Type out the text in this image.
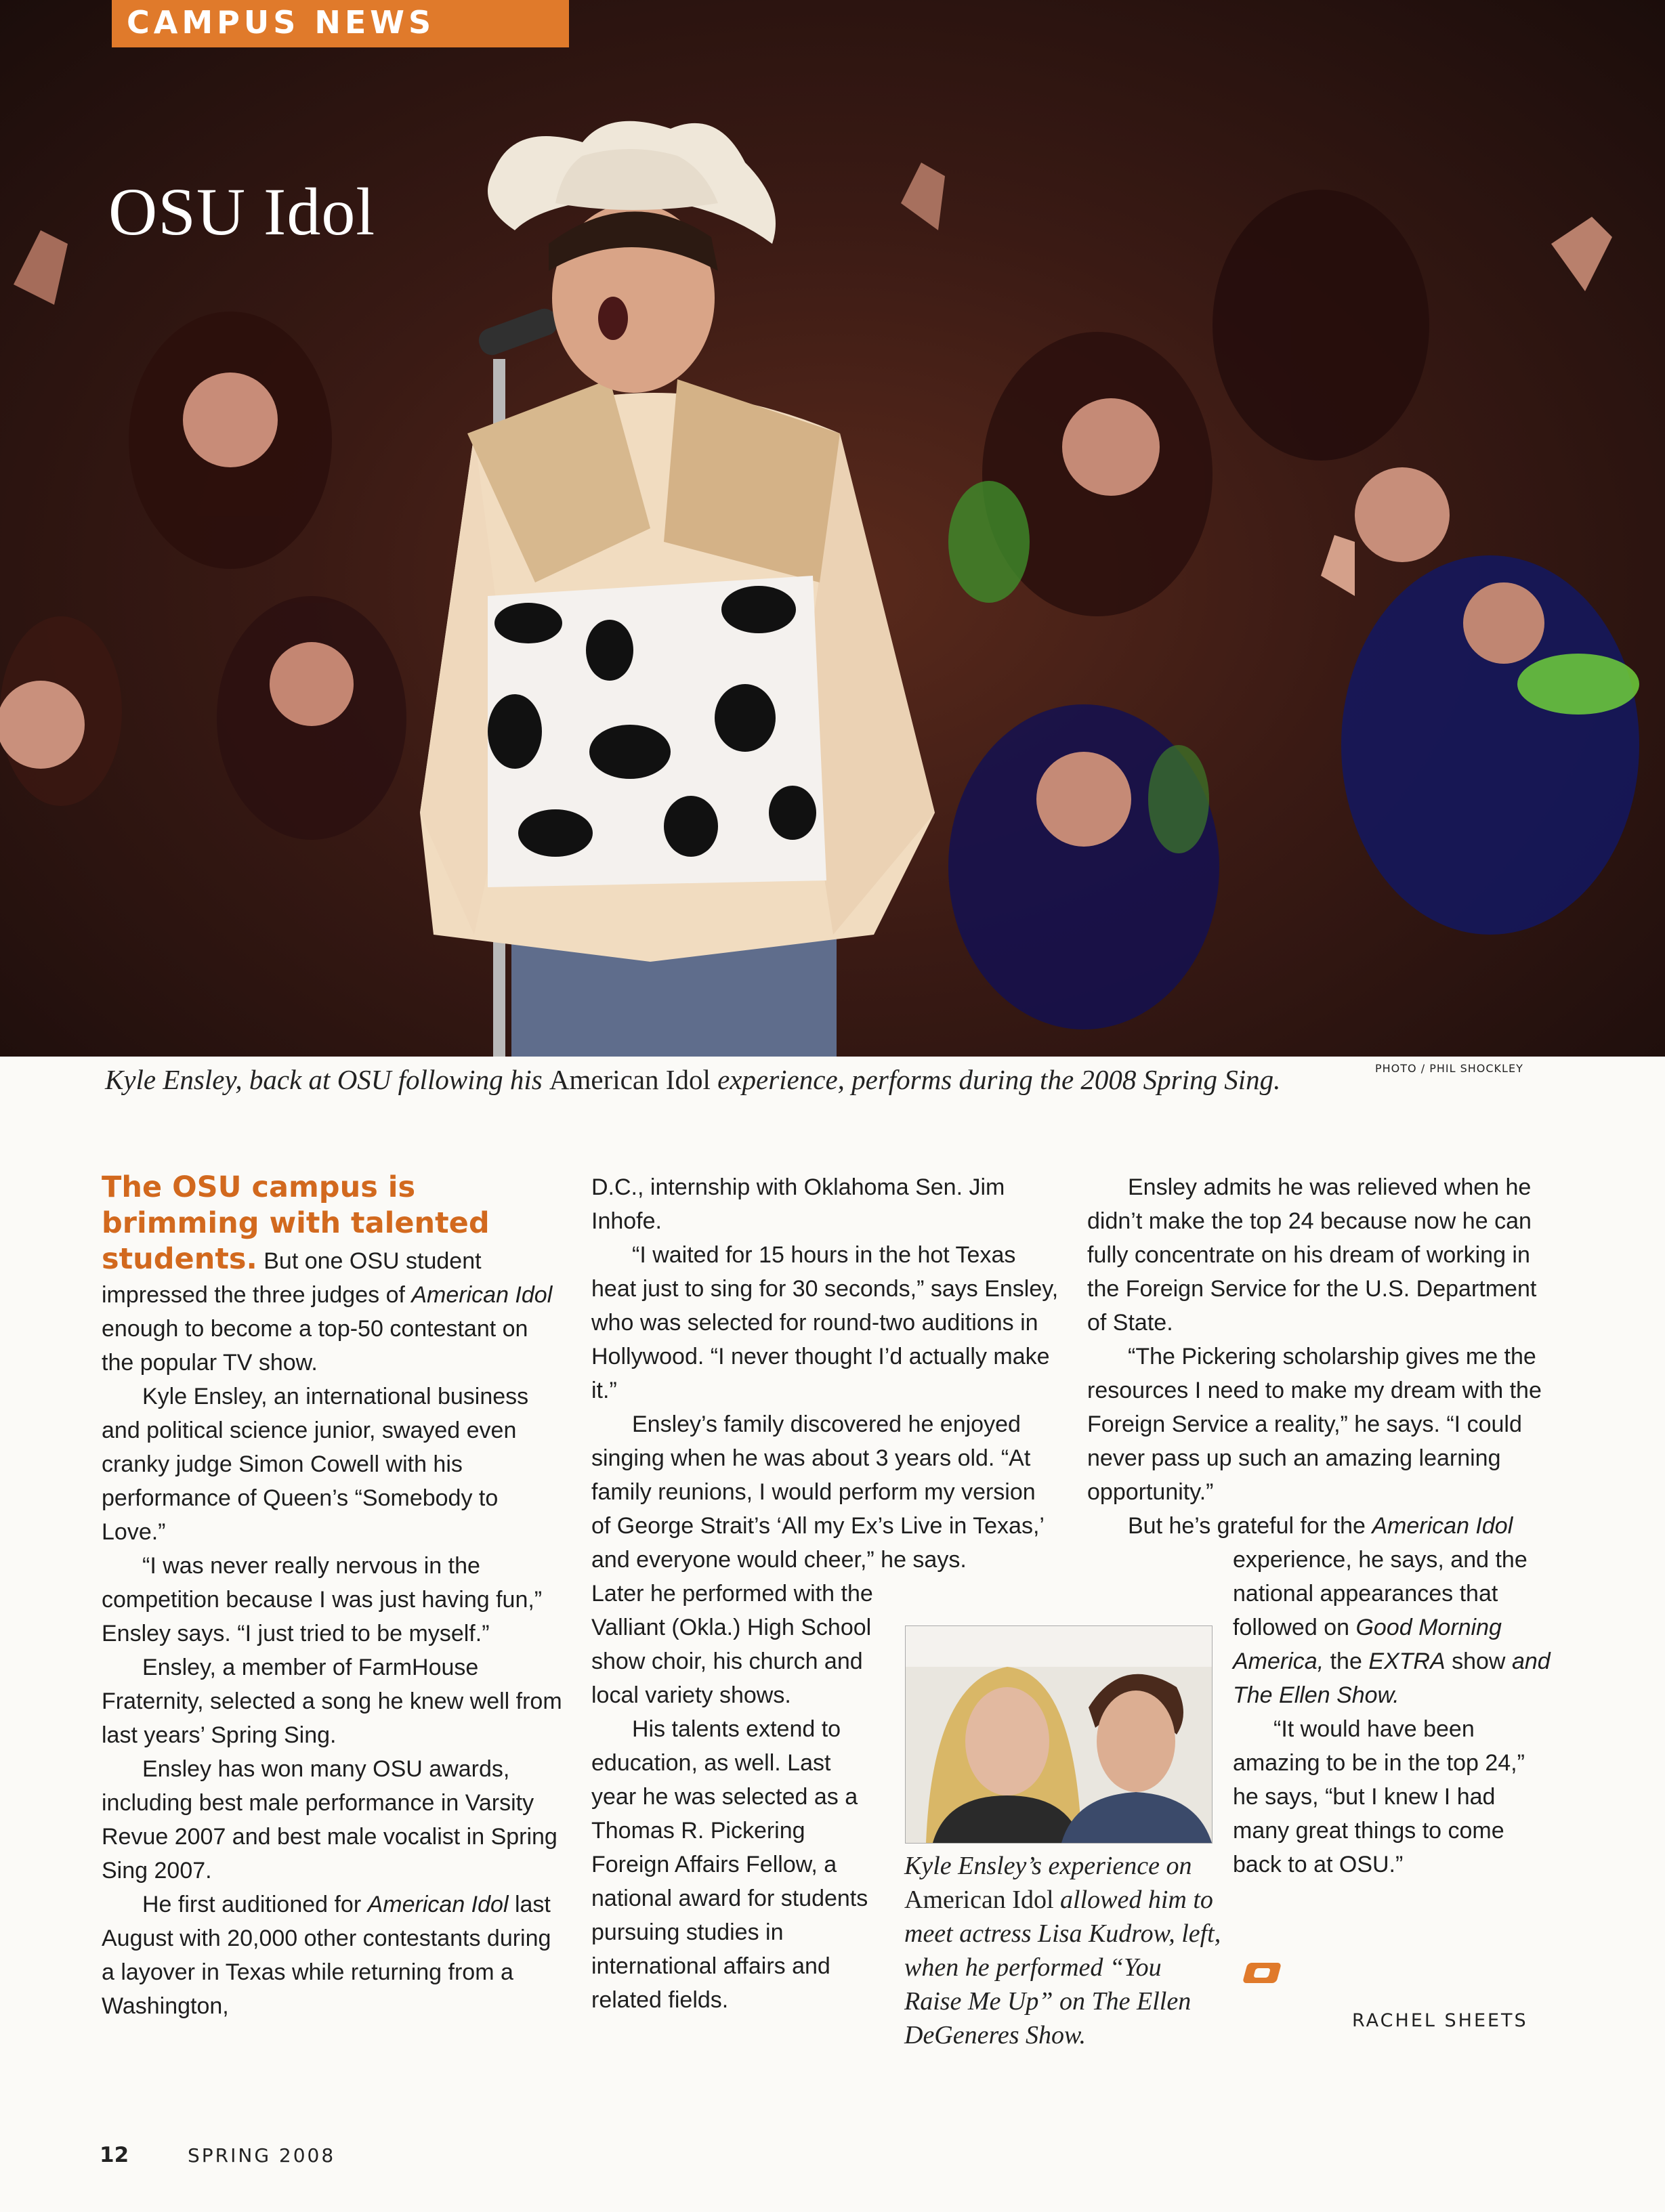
CAMPUS NEWS
OSU Idol
Kyle Ensley, back at OSU following his American Idol experience, performs during the 2008 Spring Sing.	PHOTO / PHIL SHOCKLEY

The OSU campus is brimming with talented students. But one OSU student impressed the three judges of American Idol enough to become a top-50 contestant on the popular TV show.

Kyle Ensley, an international business and political science junior, swayed even cranky judge Simon Cowell with his performance of Queen’s “Somebody to Love.”

“I was never really nervous in the competition because I was just having fun,” Ensley says. “I just tried to be myself.”

Ensley, a member of FarmHouse Fraternity, selected a song he knew well from last years’ Spring Sing.

Ensley has won many OSU awards, including best male performance in Varsity Revue 2007 and best male vocalist in Spring Sing 2007.

He first auditioned for American Idol last August with 20,000 other contestants during a layover in Texas while returning from a Washington,

D.C., internship with Oklahoma Sen. Jim Inhofe.

“I waited for 15 hours in the hot Texas heat just to sing for 30 seconds,” says Ensley, who was selected for round-two auditions in Hollywood. “I never thought I’d actually make it.”

Ensley’s family discovered he enjoyed singing when he was about 3 years old. “At family reunions, I would perform my version of George Strait’s ‘All my Ex’s Live in Texas,’ and everyone would cheer,” he says.

Later he performed with the Valliant (Okla.) High School show choir, his church and local variety shows.

His talents extend to education, as well. Last year he was selected as a Thomas R. Pickering Foreign Affairs Fellow, a national award for students pursuing studies in international affairs and related fields.

Ensley admits he was relieved when he didn’t make the top 24 because now he can fully concentrate on his dream of working in the Foreign Service for the U.S. Department of State.

“The Pickering scholarship gives me the resources I need to make my dream with the Foreign Service a reality,” he says. “I could never pass up such an amazing learning opportunity.”

But he’s grateful for the American Idol

experience, he says, and the national appearances that followed on Good Morning America, the EXTRA show and The Ellen Show.

“It would have been amazing to be in the top 24,” he says, “but I knew I had many great things to come back to at OSU.”

Kyle Ensley’s experience on American Idol allowed him to meet actress Lisa Kudrow, left, when he performed “You Raise Me Up” on The Ellen DeGeneres Show.
RACHEL SHEETS
12	SPRING 2008
